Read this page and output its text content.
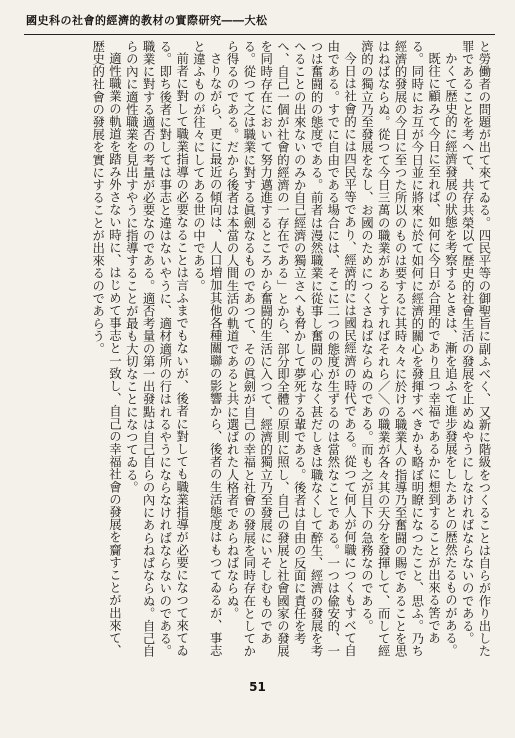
國史科の社會的經濟的教材の實際研究――大松

と勞働者の問題が出て來てゐる。四民平等の御聖旨に副ふべく、又新に階級をつくることは自らが作り出した罪であることを考へて、共存共榮以て歴史的社會生活の發展を止めぬやうにしなければならないのである。

かくて歴史的に經濟發展の狀態を考察するときは、漸を追ふて進步發展をしたあとの歴然たるものがある。

既往に顧みて今日に至れば、如何に今日が合理的であり且つ幸福であるかに想到することが出來る筈である。同時にお互が今日並に將來に於て如何に經濟的關心を發揮すべきかも略ぼ明瞭になつたこと、思ふ。乃ち經濟的發展の今日に至つた所以のものは要するに其時々々に於ける職業人の指導乃至奮闘の賜であることを思はねばならぬ。從つて今日三萬の職業があるとすればそれら／＼の職業が各々其の天分を發揮して、而して經濟的の獨立乃至發展をなし、お國のためにつくさねばならぬのである。而も之が目下の急務なのである。

今日は社會的には四民平等であり、經濟的には國民經濟の時代である。從つて何人が何職につくもすべて自由である。すでに自由である場合には、そこに二つの態度が生ずるのは當然なことである。一つは偸安的、一つは奮闘的の態度である。前者は漫然職業に從事し奮闘の心なく甚だしきは職なくして醉生、經濟の發展を考へることの出來ないのみか自己經濟の獨立さへも脅かして夢死する輩である。後者は自由の反面に責任を考へ、自己一個が社會的經濟の一存在である」とから、部分即全體の原則に照し、自己の發展と社會國家の發展を同時存在において努力邁進するところから奮闘的生活に入つて、經濟的獨立乃至發展にいそしむものである。從つて之は職業に對する眞劍なるものであつて、その眞劍が自己の幸福と社會の發展を同時存在としてから得るのである。だから後者は本當の人間生活の軌道であると共に選ばれた人格者であらねばならぬ。

さりながら、更に最近の傾向は、人口増加其他各種關聯の影響から、後者の生活態度はもつてゐるが、事志と違ふものが往々にしてある世の中である。

前者に對して職業指導の必要なることは言ふまでもないが、後者に對しても職業指導が必要になつて來てゐる。即ち後者に對しては事志と違はないやうに、適材適所の行はれるやうにならなければならないのである。職業に對する適否の考量が必要なのである。適否考量の第一出發點は自己自らの內にあらねばならぬ。自己自らの內に適性職業を見出すやうに指導することが最も大切なことになつてゐる。

適性職業の軌道を踏み外さない時に、はじめて事志と一致し、自己の幸福社會の發展を齎すことが出來て、歴史的社會の發展を實にすることが出來るのであらう。

51
